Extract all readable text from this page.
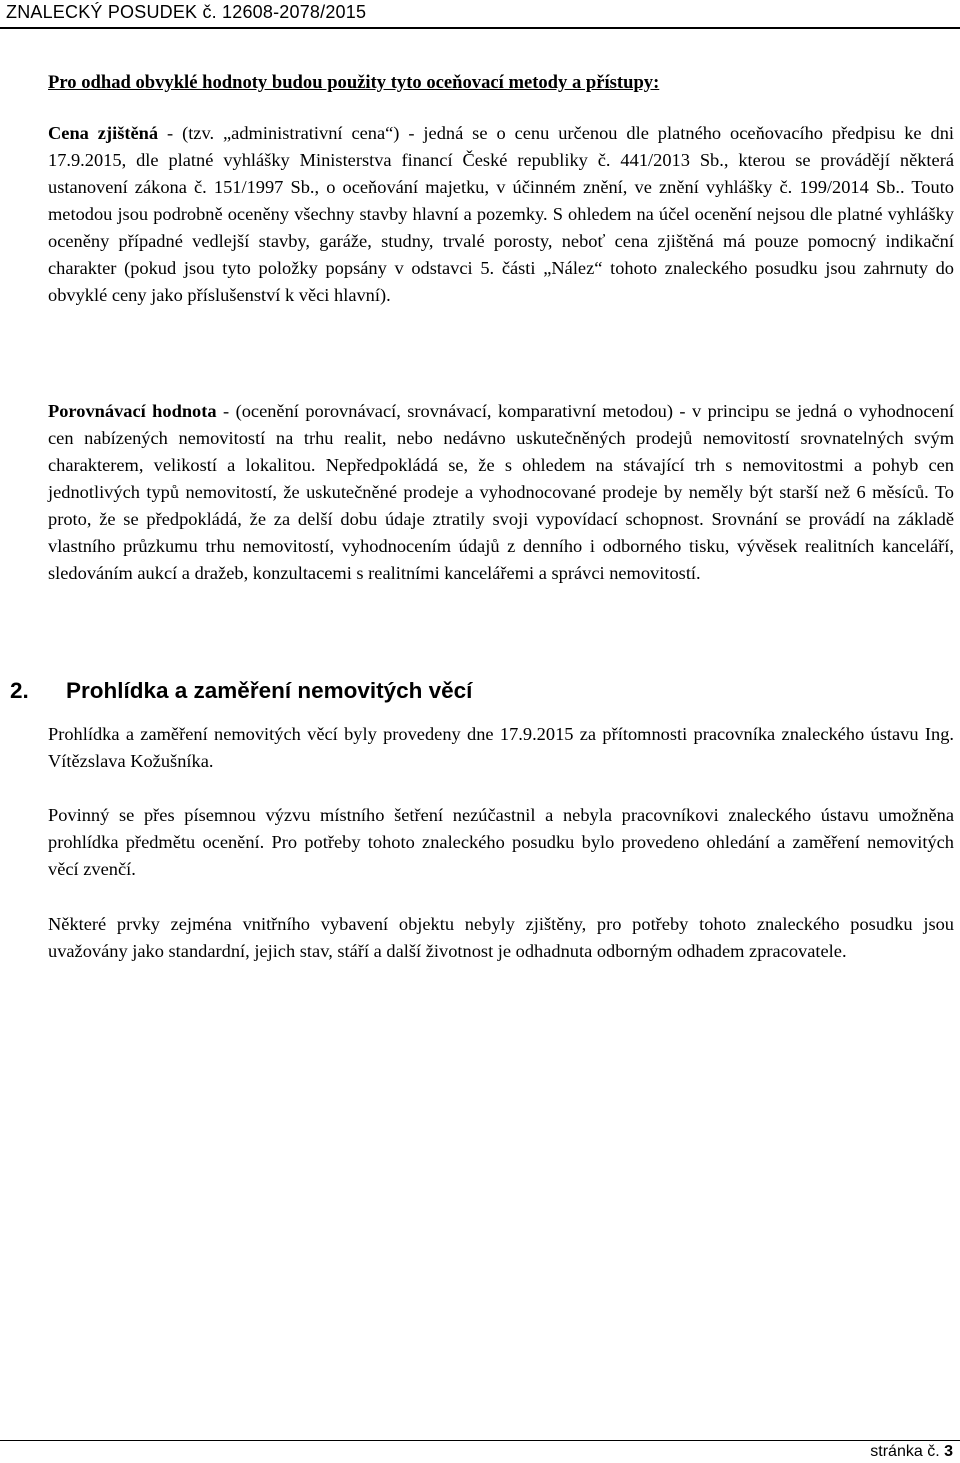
ZNALECKÝ POSUDEK č. 12608-2078/2015
Pro odhad obvyklé hodnoty budou použity tyto oceňovací metody a přístupy:

Cena zjištěná - (tzv. „administrativní cena“) - jedná se o cenu určenou dle platného oceňovacího předpisu ke dni 17.9.2015, dle platné vyhlášky Ministerstva financí České republiky č. 441/2013 Sb., kterou se provádějí některá ustanovení zákona č. 151/1997 Sb., o oceňování majetku, v účinném znění, ve znění vyhlášky č. 199/2014 Sb.. Touto metodou jsou podrobně oceněny všechny stavby hlavní a pozemky. S ohledem na účel ocenění nejsou dle platné vyhlášky oceněny případné vedlejší stavby, garáže, studny, trvalé porosty, neboť cena zjištěná má pouze pomocný indikační charakter (pokud jsou tyto položky popsány v odstavci 5. části „Nález“ tohoto znaleckého posudku jsou zahrnuty do obvyklé ceny jako příslušenství k věci hlavní).

Porovnávací hodnota - (ocenění porovnávací, srovnávací, komparativní metodou) - v principu se jedná o vyhodnocení cen nabízených nemovitostí na trhu realit, nebo nedávno uskutečněných prodejů nemovitostí srovnatelných svým charakterem, velikostí a lokalitou. Nepředpokládá se, že s ohledem na stávající trh s nemovitostmi a pohyb cen jednotlivých typů nemovitostí, že uskutečněné prodeje a vyhodnocované prodeje by neměly být starší než 6 měsíců. To proto, že se předpokládá, že za delší dobu údaje ztratily svoji vypovídací schopnost. Srovnání se provádí na základě vlastního průzkumu trhu nemovitostí, vyhodnocením údajů z denního i odborného tisku, vývěsek realitních kanceláří, sledováním aukcí a dražeb, konzultacemi s realitními kancelářemi a správci nemovitostí.

2. Prohlídka a zaměření nemovitých věcí

Prohlídka a zaměření nemovitých věcí byly provedeny dne 17.9.2015 za přítomnosti pracovníka znaleckého ústavu Ing. Vítězslava Kožušníka.

Povinný se přes písemnou výzvu místního šetření nezúčastnil a nebyla pracovníkovi znaleckého ústavu umožněna prohlídka předmětu ocenění. Pro potřeby tohoto znaleckého posudku bylo provedeno ohledání a zaměření nemovitých věcí zvenčí.

Některé prvky zejména vnitřního vybavení objektu nebyly zjištěny, pro potřeby tohoto znaleckého posudku jsou uvažovány jako standardní, jejich stav, stáří a další životnost je odhadnuta odborným odhadem zpracovatele.

stránka č. 3
